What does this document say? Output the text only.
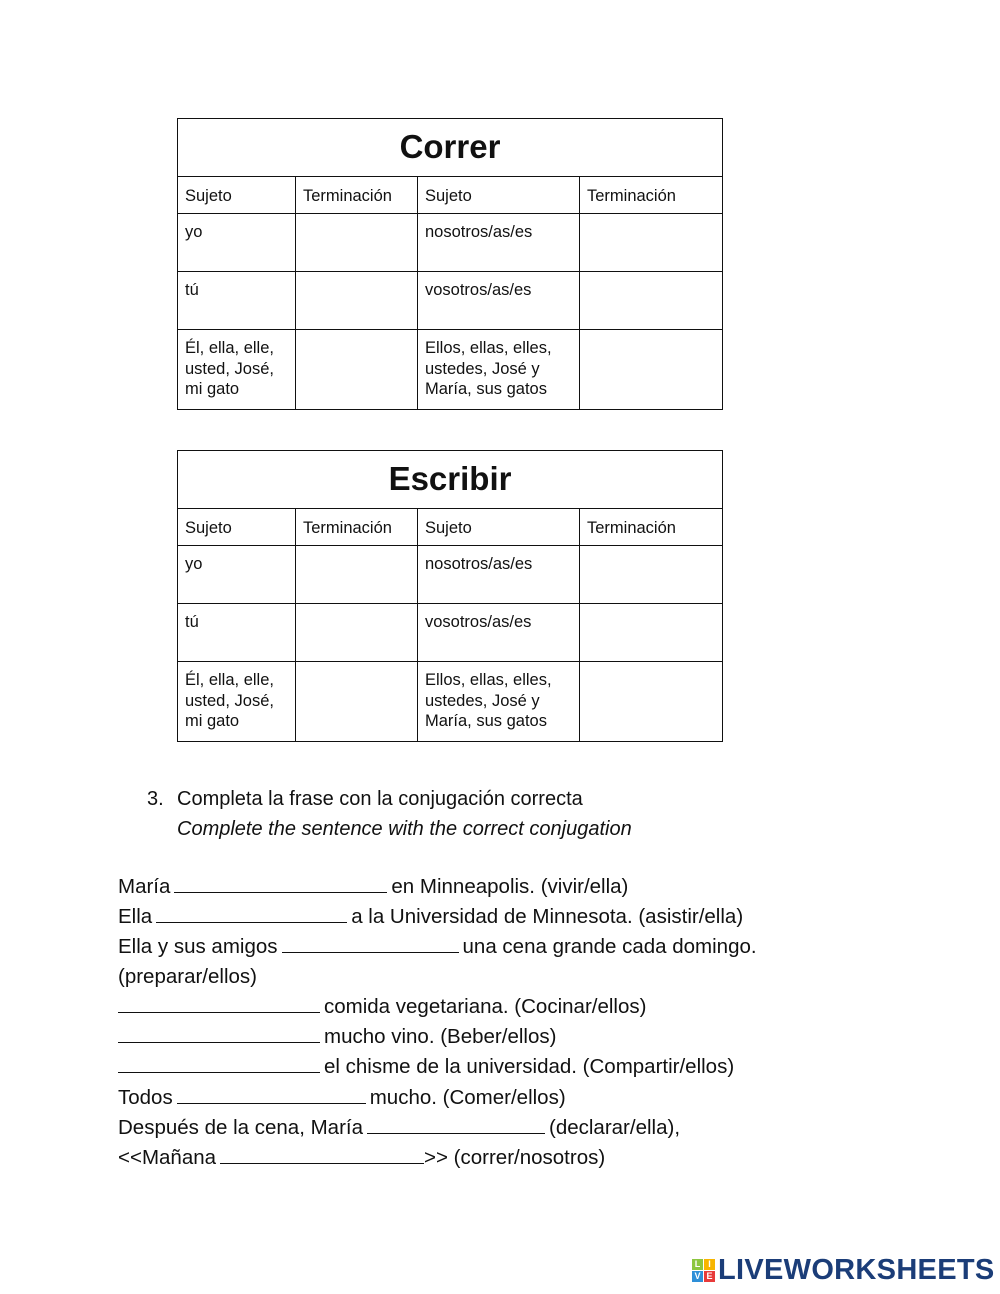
Correr			
Sujeto	Terminación	Sujeto	Terminación
yo		nosotros/as/es	
tú		vosotros/as/es	
Él, ella, elle, usted, José, mi gato		Ellos, ellas, elles, ustedes, José y María, sus gatos	
Escribir			
Sujeto	Terminación	Sujeto	Terminación
yo		nosotros/as/es	
tú		vosotros/as/es	
Él, ella, elle, usted, José, mi gato		Ellos, ellas, elles, ustedes, José y María, sus gatos	
3. Completa la frase con la conjugación correcta
Complete the sentence with the correct conjugation
María	en Minneapolis. (vivir/ella)
Ella	a la Universidad de Minnesota. (asistir/ella)
Ella y sus amigos	una cena grande cada domingo.
(preparar/ellos)
comida vegetariana. (Cocinar/ellos)
mucho vino. (Beber/ellos)
el chisme de la universidad. (Compartir/ellos)
Todos	mucho. (Comer/ellos)
Después de la cena, María	(declarar/ella),
<<Mañana	>> (correr/nosotros)
L I
V E LIVEWORKSHEETS
